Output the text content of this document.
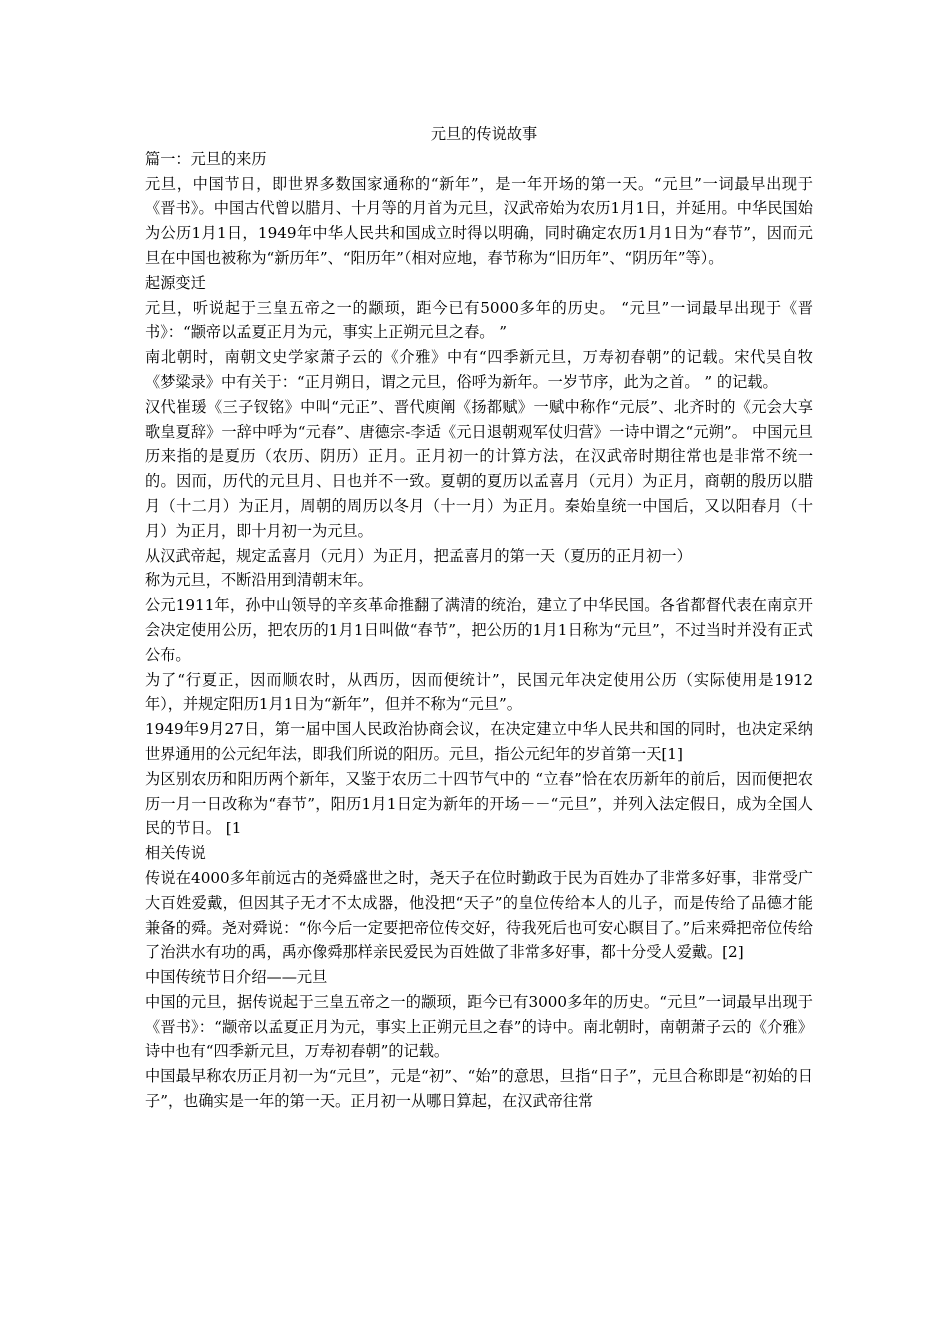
元旦的传说故事

篇一：元旦的来历

元旦，中国节日，即世界多数国家通称的“新年”，是一年开场的第一天。“元旦”一词最早出现于《晋书》。中国古代曾以腊月、十月等的月首为元旦，汉武帝始为农历1月1日，并延用。中华民国始为公历1月1日，1949年中华人民共和国成立时得以明确，同时确定农历1月1日为“春节”，因而元旦在中国也被称为“新历年”、“阳历年”（相对应地，春节称为“旧历年”、“阴历年”等）。

起源变迁

元旦，听说起于三皇五帝之一的颛顼，距今已有5000多年的历史。 “元旦”一词最早出现于《晋书》：“颛帝以孟夏正月为元，事实上正朔元旦之春。 ”

南北朝时，南朝文史学家萧子云的《介雅》中有“四季新元旦，万寿初春朝”的记载。宋代吴自牧《梦粱录》中有关于：“正月朔日，谓之元旦，俗呼为新年。一岁节序，此为之首。 ” 的记载。

汉代崔瑗《三子钗铭》中叫“元正”、晋代庾阐《扬都赋》一赋中称作“元辰”、北齐时的《元会大享歌皇夏辞》一辞中呼为“元春”、唐德宗-李适《元日退朝观军仗归营》一诗中谓之“元朔”。 中国元旦历来指的是夏历（农历、阴历）正月。正月初一的计算方法，在汉武帝时期往常也是非常不统一的。因而，历代的元旦月、日也并不一致。夏朝的夏历以孟喜月（元月）为正月，商朝的殷历以腊月（十二月）为正月，周朝的周历以冬月（十一月）为正月。秦始皇统一中国后，又以阳春月（十月）为正月，即十月初一为元旦。

从汉武帝起，规定孟喜月（元月）为正月，把孟喜月的第一天（夏历的正月初一）

称为元旦，不断沿用到清朝末年。

公元1911年，孙中山领导的辛亥革命推翻了满清的统治，建立了中华民国。各省都督代表在南京开会决定使用公历，把农历的1月1日叫做“春节”，把公历的1月1日称为“元旦”，不过当时并没有正式公布。

为了“行夏正，因而顺农时，从西历，因而便统计”，民国元年决定使用公历（实际使用是1912年），并规定阳历1月1日为“新年”，但并不称为“元旦”。

1949年9月27日，第一届中国人民政治协商会议，在决定建立中华人民共和国的同时，也决定采纳世界通用的公元纪年法，即我们所说的阳历。元旦，指公元纪年的岁首第一天[1]

为区别农历和阳历两个新年，又鉴于农历二十四节气中的 “立春”恰在农历新年的前后，因而便把农历一月一日改称为“春节”，阳历1月1日定为新年的开场－－“元旦”，并列入法定假日，成为全国人民的节日。 [1

相关传说

传说在4000多年前远古的尧舜盛世之时，尧天子在位时勤政于民为百姓办了非常多好事，非常受广大百姓爱戴，但因其子无才不太成器，他没把“天子”的皇位传给本人的儿子，而是传给了品德才能兼备的舜。尧对舜说：“你今后一定要把帝位传交好，待我死后也可安心瞑目了。”后来舜把帝位传给了治洪水有功的禹，禹亦像舜那样亲民爱民为百姓做了非常多好事，都十分受人爱戴。[2]

中国传统节日介绍——元旦

中国的元旦，据传说起于三皇五帝之一的颛顼，距今已有3000多年的历史。“元旦”一词最早出现于《晋书》：“颛帝以孟夏正月为元，事实上正朔元旦之春”的诗中。南北朝时，南朝萧子云的《介雅》诗中也有“四季新元旦，万寿初春朝”的记载。

中国最早称农历正月初一为“元旦”，元是“初”、“始”的意思，旦指“日子”，元旦合称即是“初始的日子”，也确实是一年的第一天。正月初一从哪日算起，在汉武帝往常
